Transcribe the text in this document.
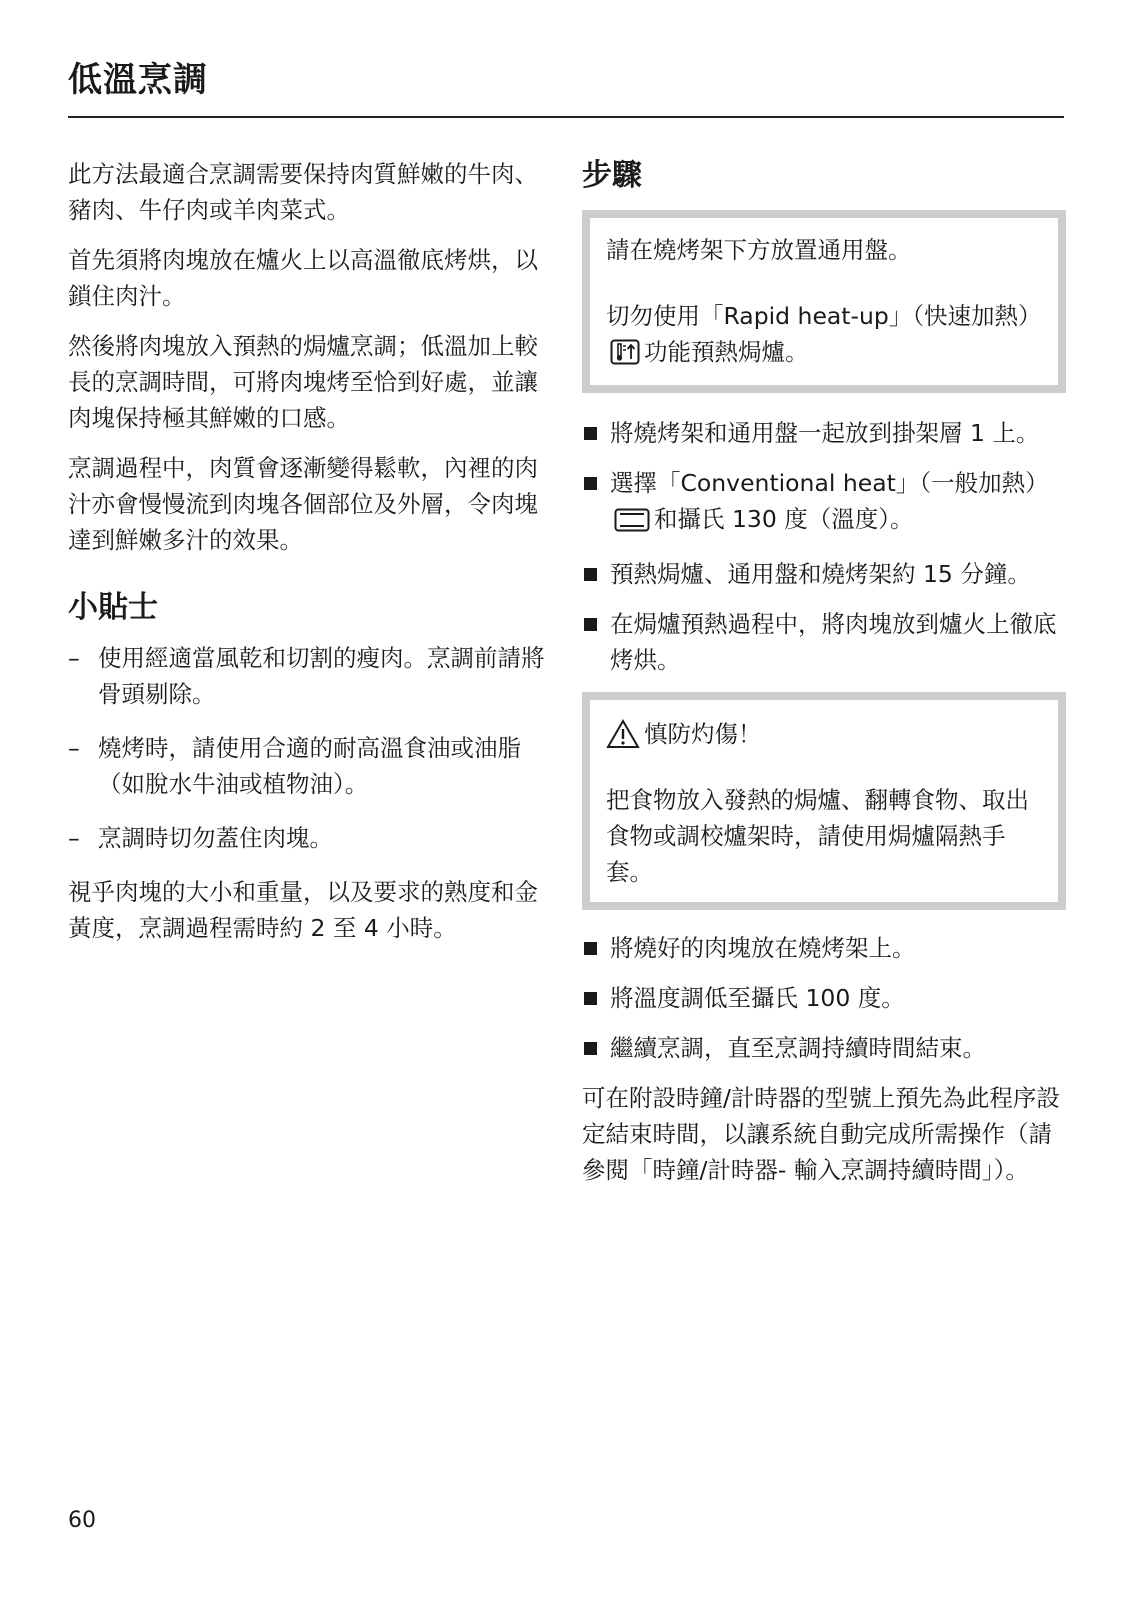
低溫烹調

此方法最適合烹調需要保持肉質鮮嫩的牛肉、豬肉、牛仔肉或羊肉菜式。

首先須將肉塊放在爐火上以高溫徹底烤烘，以鎖住肉汁。

然後將肉塊放入預熱的焗爐烹調；低溫加上較長的烹調時間，可將肉塊烤至恰到好處，並讓肉塊保持極其鮮嫩的口感。

烹調過程中，肉質會逐漸變得鬆軟，內裡的肉汁亦會慢慢流到肉塊各個部位及外層，令肉塊達到鮮嫩多汁的效果。

小貼士
– 使用經適當風乾和切割的瘦肉。烹調前請將骨頭剔除。
– 燒烤時，請使用合適的耐高溫食油或油脂（如脫水牛油或植物油）。
– 烹調時切勿蓋住肉塊。

視乎肉塊的大小和重量，以及要求的熟度和金黃度，烹調過程需時約 2 至 4 小時。

步驟

請在燒烤架下方放置通用盤。

切勿使用「Rapid heat-up」（快速加熱）功能預熱焗爐。

將燒烤架和通用盤一起放到掛架層 1 上。
選擇「Conventional heat」（一般加熱）和攝氏 130 度（溫度）。
預熱焗爐、通用盤和燒烤架約 15 分鐘。
在焗爐預熱過程中，將肉塊放到爐火上徹底烤烘。

慎防灼傷！

把食物放入發熱的焗爐、翻轉食物、取出食物或調校爐架時，請使用焗爐隔熱手套。

將燒好的肉塊放在燒烤架上。
將溫度調低至攝氏 100 度。
繼續烹調，直至烹調持續時間結束。

可在附設時鐘/計時器的型號上預先為此程序設定結束時間，以讓系統自動完成所需操作（請參閱「時鐘/計時器- 輸入烹調持續時間」）。

60
